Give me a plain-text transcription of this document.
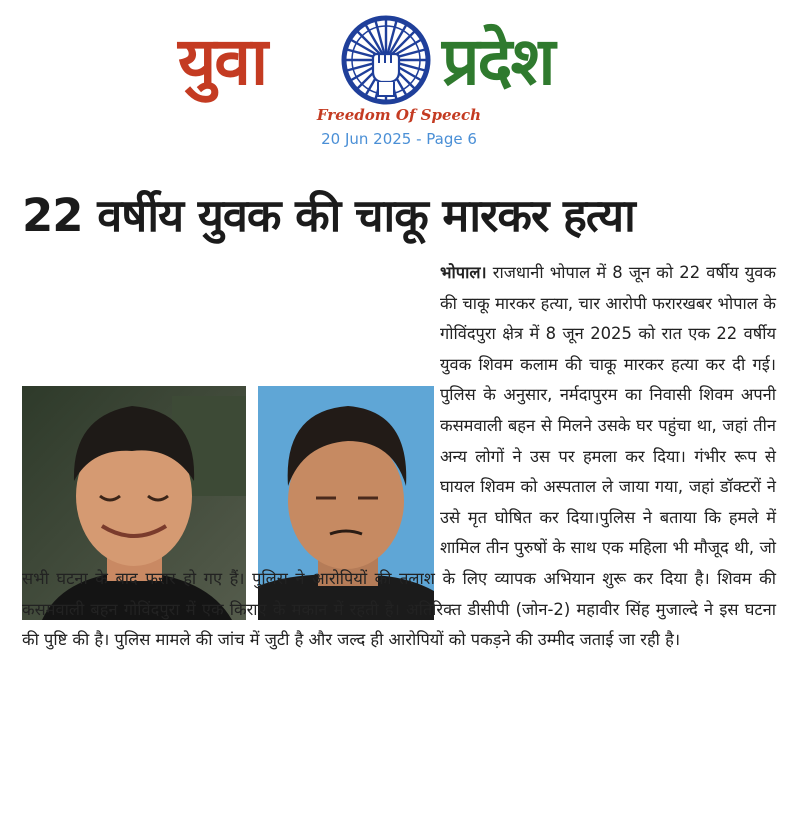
युवा	प्रदेश
Freedom Of Speech
20 Jun 2025 - Page 6
22 वर्षीय युवक की चाकू मारकर हत्या

भोपाल। राजधानी भोपाल में 8 जून को 22 वर्षीय युवक की चाकू मारकर हत्या, चार आरोपी फरारखबर भोपाल के गोविंदपुरा क्षेत्र में 8 जून 2025 को रात एक 22 वर्षीय युवक शिवम कलाम की चाकू मारकर हत्या कर दी गई। पुलिस के अनुसार, नर्मदापुरम का निवासी शिवम अपनी कसमवाली बहन से मिलने उसके घर पहुंचा था, जहां तीन अन्य लोगों ने उस पर हमला कर दिया। गंभीर रूप से घायल शिवम को अस्पताल ले जाया गया, जहां डॉक्टरों ने उसे मृत घोषित कर दिया।पुलिस ने बताया कि हमले में शामिल तीन पुरुषों के साथ एक महिला भी मौजूद थी, जो सभी घटना के बाद फरार हो गए हैं। पुलिस ने आरोपियों की तलाश के लिए व्यापक अभियान शुरू कर दिया है। शिवम की कसमवाली बहन गोविंदपुरा में एक किराए के मकान में रहती है। अतिरिक्त डीसीपी (जोन-2) महावीर सिंह मुजाल्दे ने इस घटना की पुष्टि की है। पुलिस मामले की जांच में जुटी है और जल्द ही आरोपियों को पकड़ने की उम्मीद जताई जा रही है।
